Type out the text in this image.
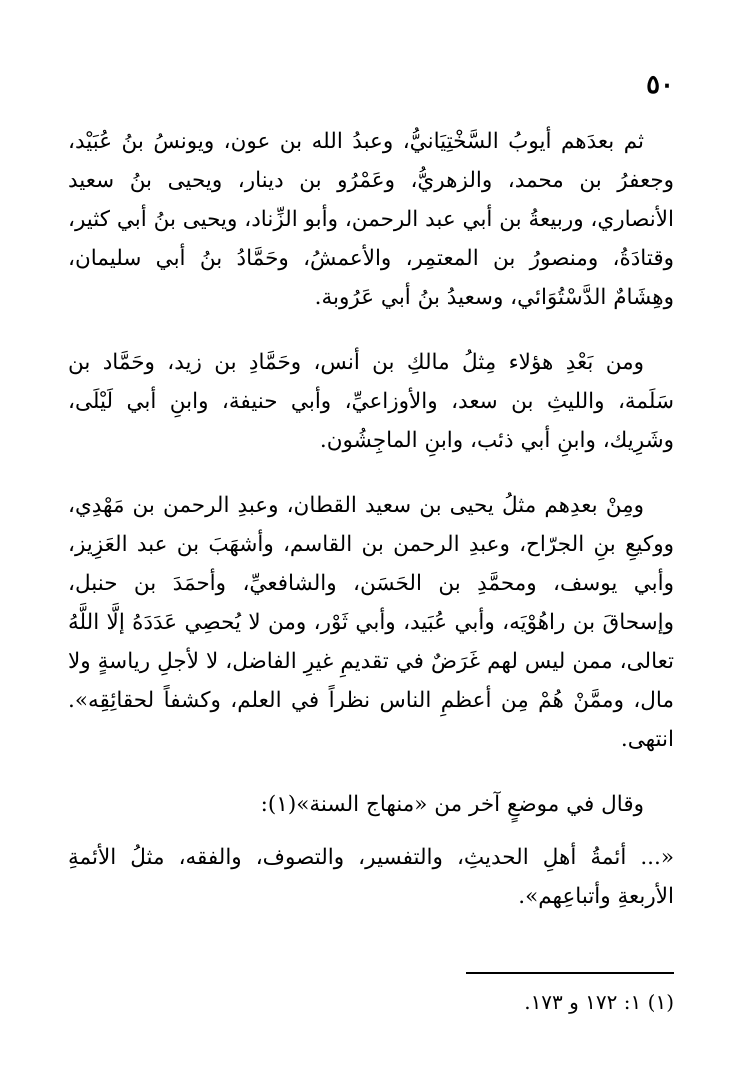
٥٠

ثم بعدَهم أيوبُ السَّخْتِيَانيُّ، وعبدُ الله بن عون، ويونسُ بنُ عُبَيْد، وجعفرُ بن محمد، والزهريُّ، وعَمْرُو بن دينار، ويحيى بنُ سعيد الأنصاري، وربيعةُ بن أبي عبد الرحمن، وأبو الزِّناد، ويحيى بنُ أبي كثير، وقتادَةُ، ومنصورُ بن المعتمِر، والأعمشُ، وحَمَّادُ بنُ أبي سليمان، وهِشَامٌ الدَّسْتُوَائي، وسعيدُ بنُ أبي عَرُوبة.

ومن بَعْدِ هؤلاء مِثلُ مالكِ بن أنس، وحَمَّادِ بن زيد، وحَمَّاد بن سَلَمة، والليثِ بن سعد، والأوزاعيِّ، وأبي حنيفة، وابنِ أبي لَيْلَى، وشَرِيك، وابنِ أبي ذئب، وابنِ الماجِشُون.

ومِنْ بعدِهم مثلُ يحيى بن سعيد القطان، وعبدِ الرحمن بن مَهْدِي، ووكيعِ بنِ الجرّاح، وعبدِ الرحمن بن القاسم، وأشهَبَ بن عبد العَزِيز، وأبي يوسف، ومحمَّدِ بن الحَسَن، والشافعيِّ، وأحمَدَ بن حنبل، وإسحاقَ بن راهُوْيَه، وأبي عُبَيد، وأبي ثَوْر، ومن لا يُحصِي عَدَدَهُ إلَّا اللَّهُ تعالى، ممن ليس لهم غَرَضٌ في تقديمِ غيرِ الفاضل، لا لأجلِ رياسةٍ ولا مال، وممَّنْ هُمْ مِن أعظمِ الناس نظراً في العلم، وكشفاً لحقائِقِه». انتهى.

وقال في موضعٍ آخر من «منهاج السنة»(١):

«... أئمةُ أهلِ الحديثِ، والتفسير، والتصوف، والفقه، مثلُ الأئمةِ الأربعةِ وأتباعِهم».

(١) ١: ١٧٢ و ١٧٣.
